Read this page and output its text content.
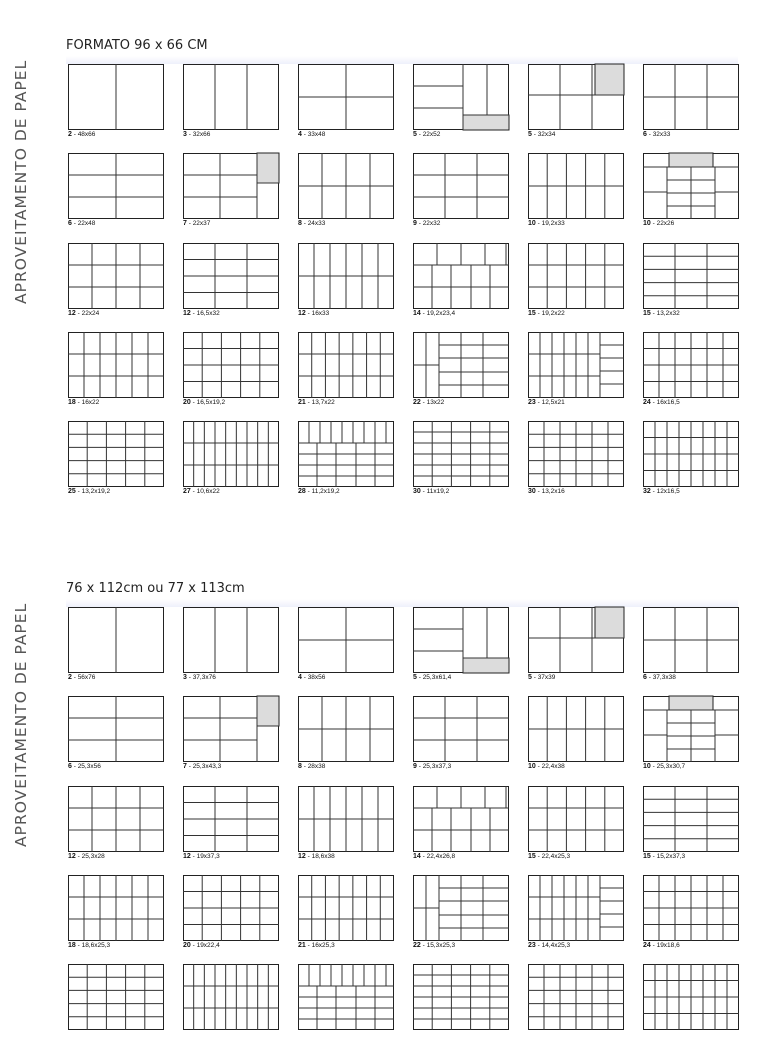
APROVEITAMENTO DE PAPEL
FORMATO 96 x 66 CM
2 - 48x66	3 - 32x66	4 - 33x48	5 - 22x52	5 - 32x34	6 - 32x33
6 - 22x48	7 - 22x37	8 - 24x33	9 - 22x32	10 - 19,2x33	10 - 22x26
12 - 22x24	12 - 16,5x32	12 - 16x33	14 - 19,2x23,4	15 - 19,2x22	15 - 13,2x32
18 - 16x22	20 - 16,5x19,2	21 - 13,7x22	22 - 13x22	23 - 12,5x21	24 - 16x16,5
25 - 13,2x19,2	27 - 10,6x22	28 - 11,2x19,2	30 - 11x19,2	30 - 13,2x16	32 - 12x16,5
APROVEITAMENTO DE PAPEL
76 x 112cm ou 77 x 113cm
2 - 56x76	3 - 37,3x76	4 - 38x56	5 - 25,3x61,4	5 - 37x39	6 - 37,3x38
6 - 25,3x56	7 - 25,3x43,3	8 - 28x38	9 - 25,3x37,3	10 - 22,4x38	10 - 25,3x30,7
12 - 25,3x28	12 - 19x37,3	12 - 18,6x38	14 - 22,4x26,8	15 - 22,4x25,3	15 - 15,2x37,3
18 - 18,6x25,3	20 - 19x22,4	21 - 16x25,3	22 - 15,3x25,3	23 - 14,4x25,3	24 - 19x18,6
